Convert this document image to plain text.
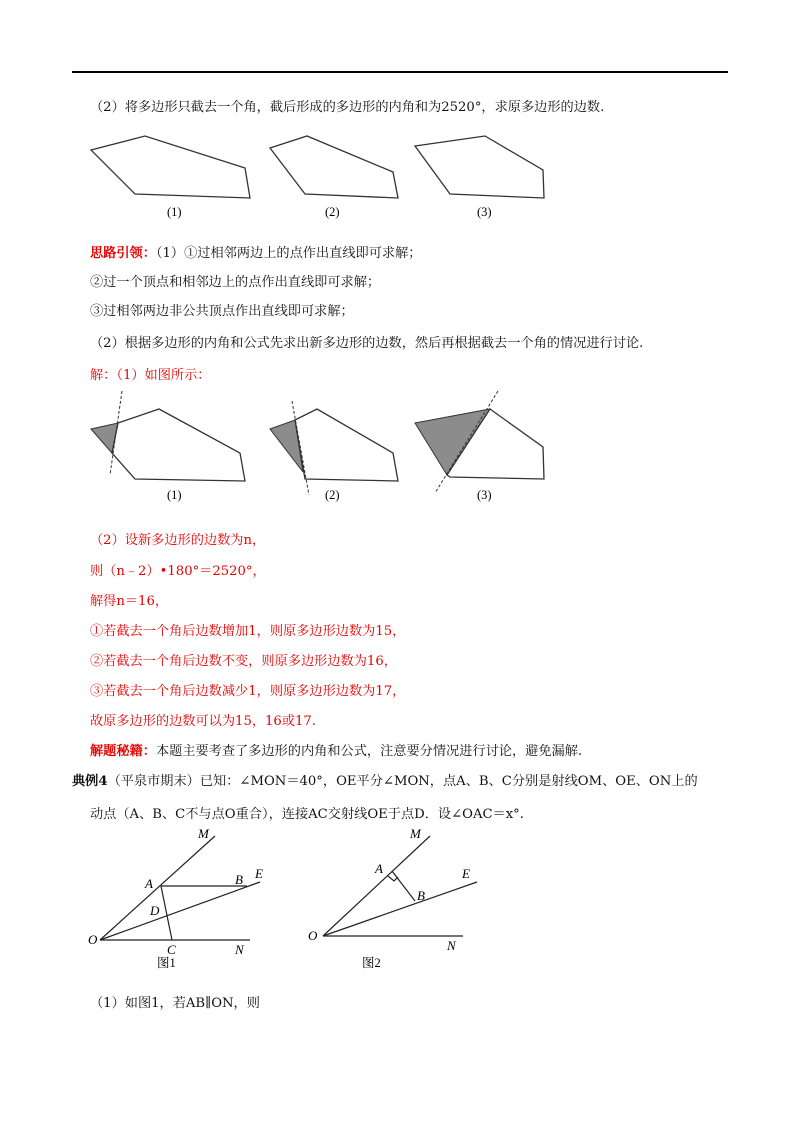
（2）将多边形只截去一个角，截后形成的多边形的内角和为2520°，求原多边形的边数.
(1)	(2)	(3)
思路引领：（1）①过相邻两边上的点作出直线即可求解；
②过一个顶点和相邻边上的点作出直线即可求解；
③过相邻两边非公共顶点作出直线即可求解；
（2）根据多边形的内角和公式先求出新多边形的边数，然后再根据截去一个角的情况进行讨论.
解：（1）如图所示：
(1)	(2)	(3)
（2）设新多边形的边数为n，
则（n﹣2）•180°＝2520°，
解得n＝16，
①若截去一个角后边数增加1，则原多边形边数为15，
②若截去一个角后边数不变，则原多边形边数为16，
③若截去一个角后边数减少1，则原多边形边数为17，
故原多边形的边数可以为15，16或17.
解题秘籍：本题主要考查了多边形的内角和公式，注意要分情况进行讨论，避免漏解.
典例4（平泉市期末）已知：∠MON＝40°，OE平分∠MON，点A、B、C分别是射线OM、OE、ON上的
动点（A、B、C不与点O重合），连接AC交射线OE于点D．设∠OAC＝x°.
O
M
E
N
A	B
C
D
O
M
E
N
A
B
图1	图2
（1）如图1，若AB∥ON，则
